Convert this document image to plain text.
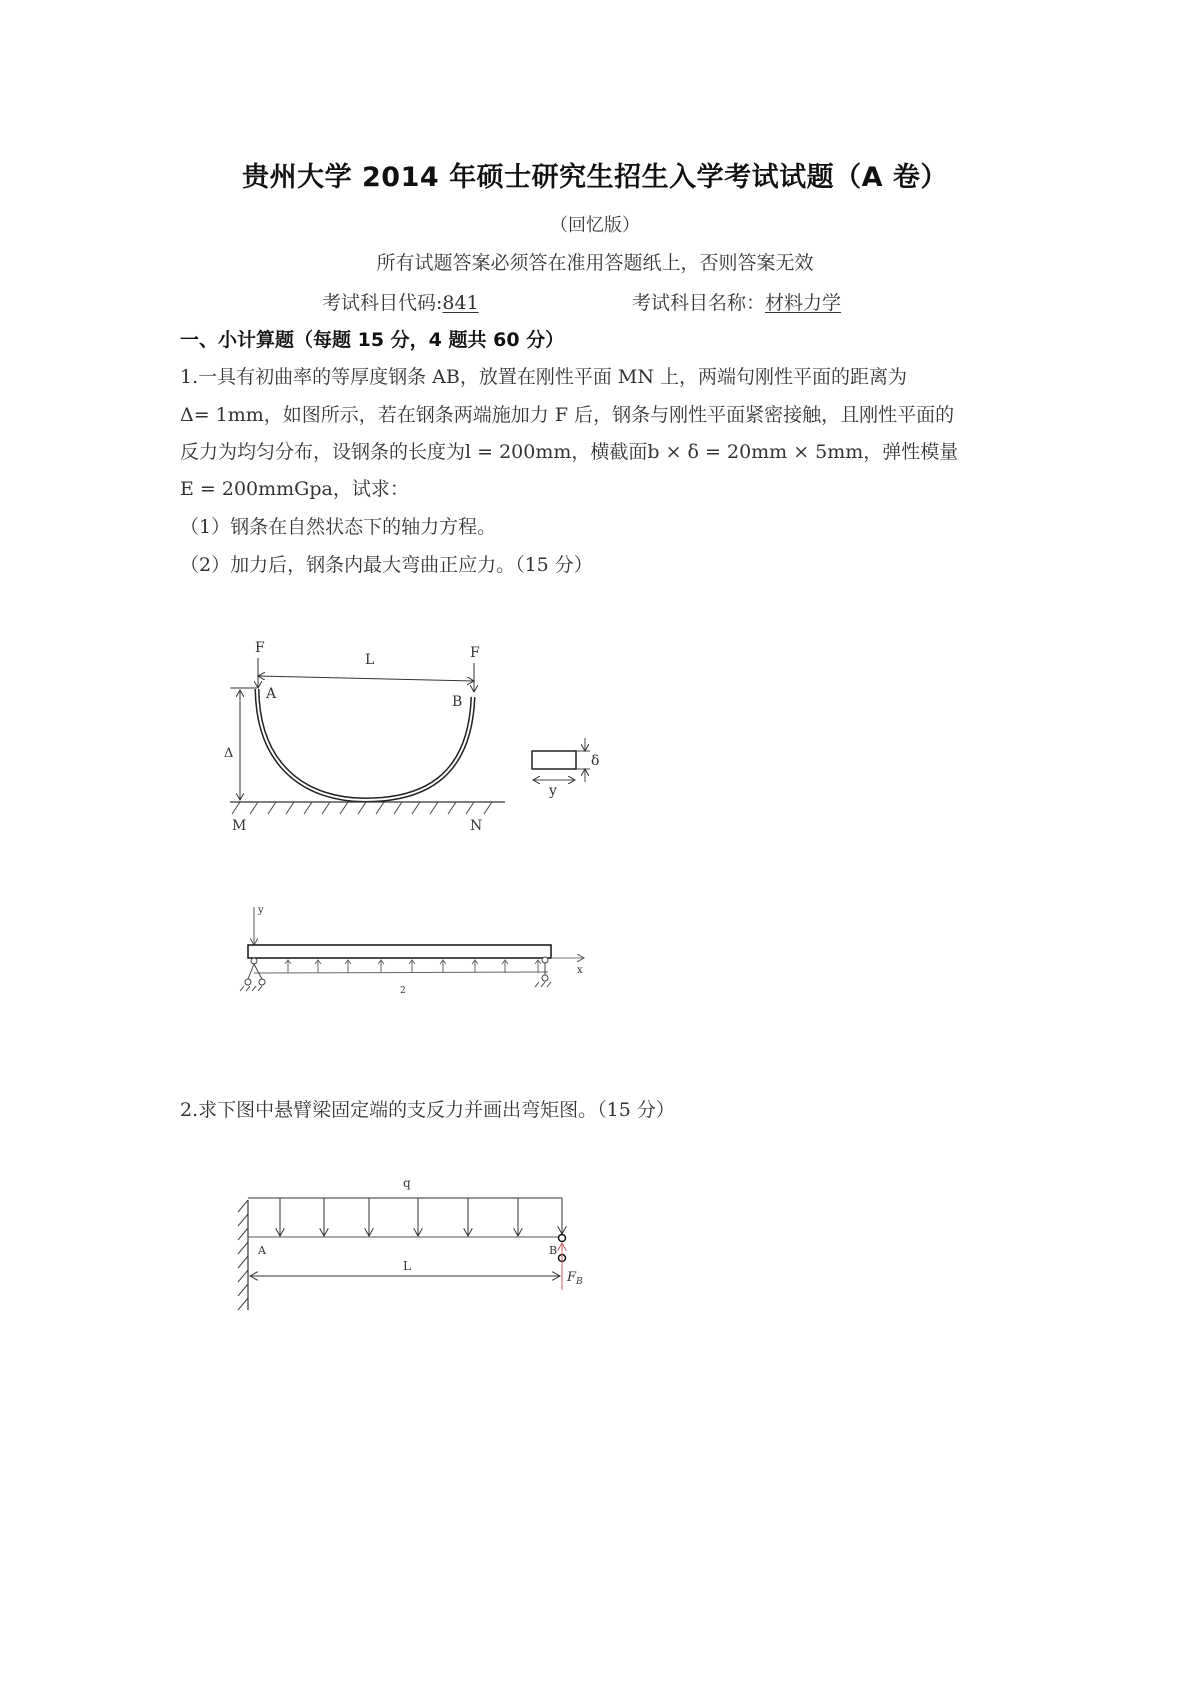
贵州大学 2014 年硕士研究生招生入学考试试题（A 卷）
（回忆版）
所有试题答案必须答在准用答题纸上，否则答案无效
考试科目代码:841	考试科目名称：材料力学
一、小计算题（每题 15 分，4 题共 60 分）
1.一具有初曲率的等厚度钢条 AB，放置在刚性平面 MN 上，两端句刚性平面的距离为
Δ= 1mm，如图所示，若在钢条两端施加力 F 后，钢条与刚性平面紧密接触，且刚性平面的
反力为均匀分布，设钢条的长度为l = 200mm，横截面b × δ = 20mm × 5mm，弹性模量
E = 200mmGpa，试求：
（1）钢条在自然状态下的轴力方程。
（2）加力后，钢条内最大弯曲正应力。（15 分）
F	F
L
A	B
Δ
M	N
δ
y
y
x
2
2.求下图中悬臂梁固定端的支反力并画出弯矩图。（15 分）
q
A	B
L
$F_B$
